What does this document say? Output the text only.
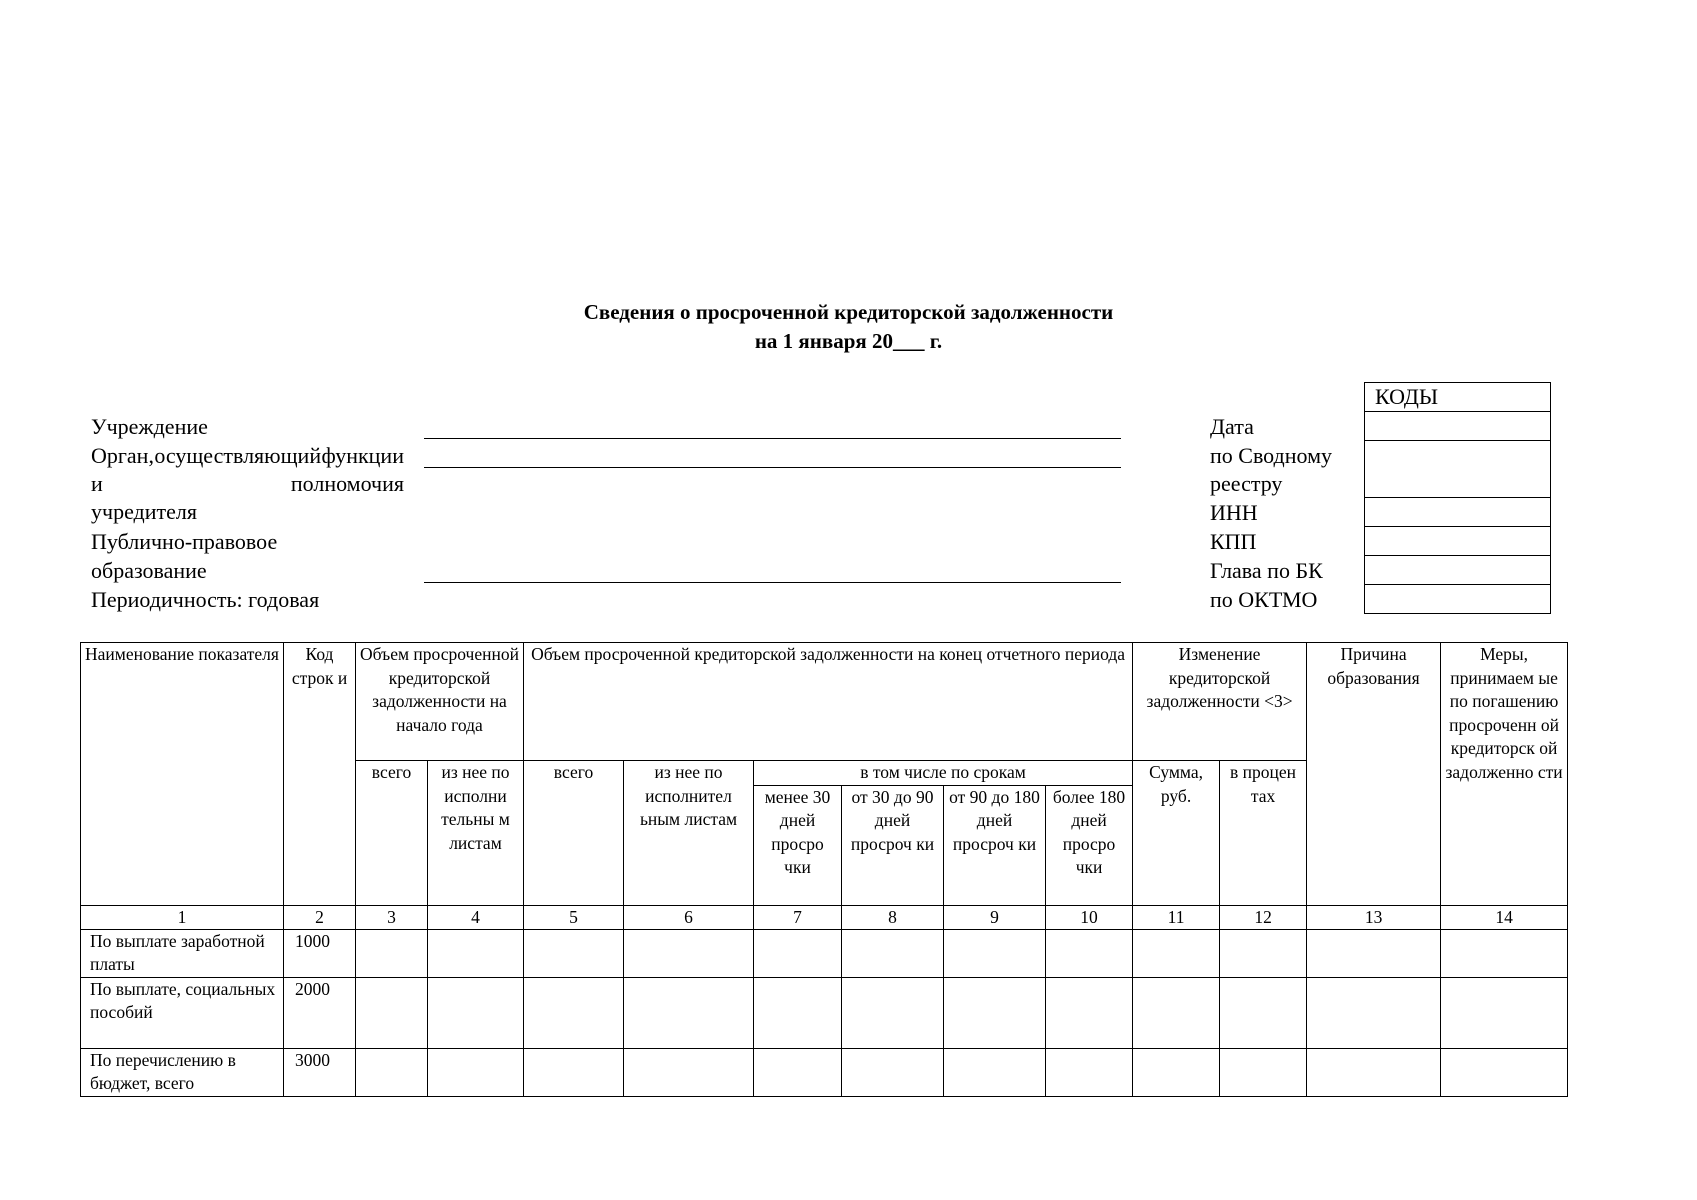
Сведения о просроченной кредиторской задолженности
на 1 января 20___ г.
Учреждение
Орган, осуществляющий функции
и	полномочия
учредителя
Публично-правовое
образование
Периодичность: годовая
Дата
по Сводному
реестру
ИНН
КПП
Глава по БК
по ОКТМО
КОДЫ

Наименование показателя	Код строк и	Объем просроченной кредиторской задолженности на начало года		Объем просроченной кредиторской задолженности на конец отчетного периода						Изменение кредиторской задолженности <3>		Причина образования	Меры, принимаем ые по погашению просроченн ой кредиторск ой задолженно сти
		всего	из нее по исполни тельны м листам	всего	из нее по исполнител ьным листам	в том числе по срокам				Сумма, руб.	в процен тах		
						менее 30 дней просро чки	от 30 до 90 дней просроч ки	от 90 до 180 дней просроч ки	более 180 дней просро чки				
1	2	3	4	5	6	7	8	9	10	11	12	13	14
По выплате заработной платы	1000												
По выплате, социальных пособий	2000												
По перечислению в бюджет, всего	3000												
